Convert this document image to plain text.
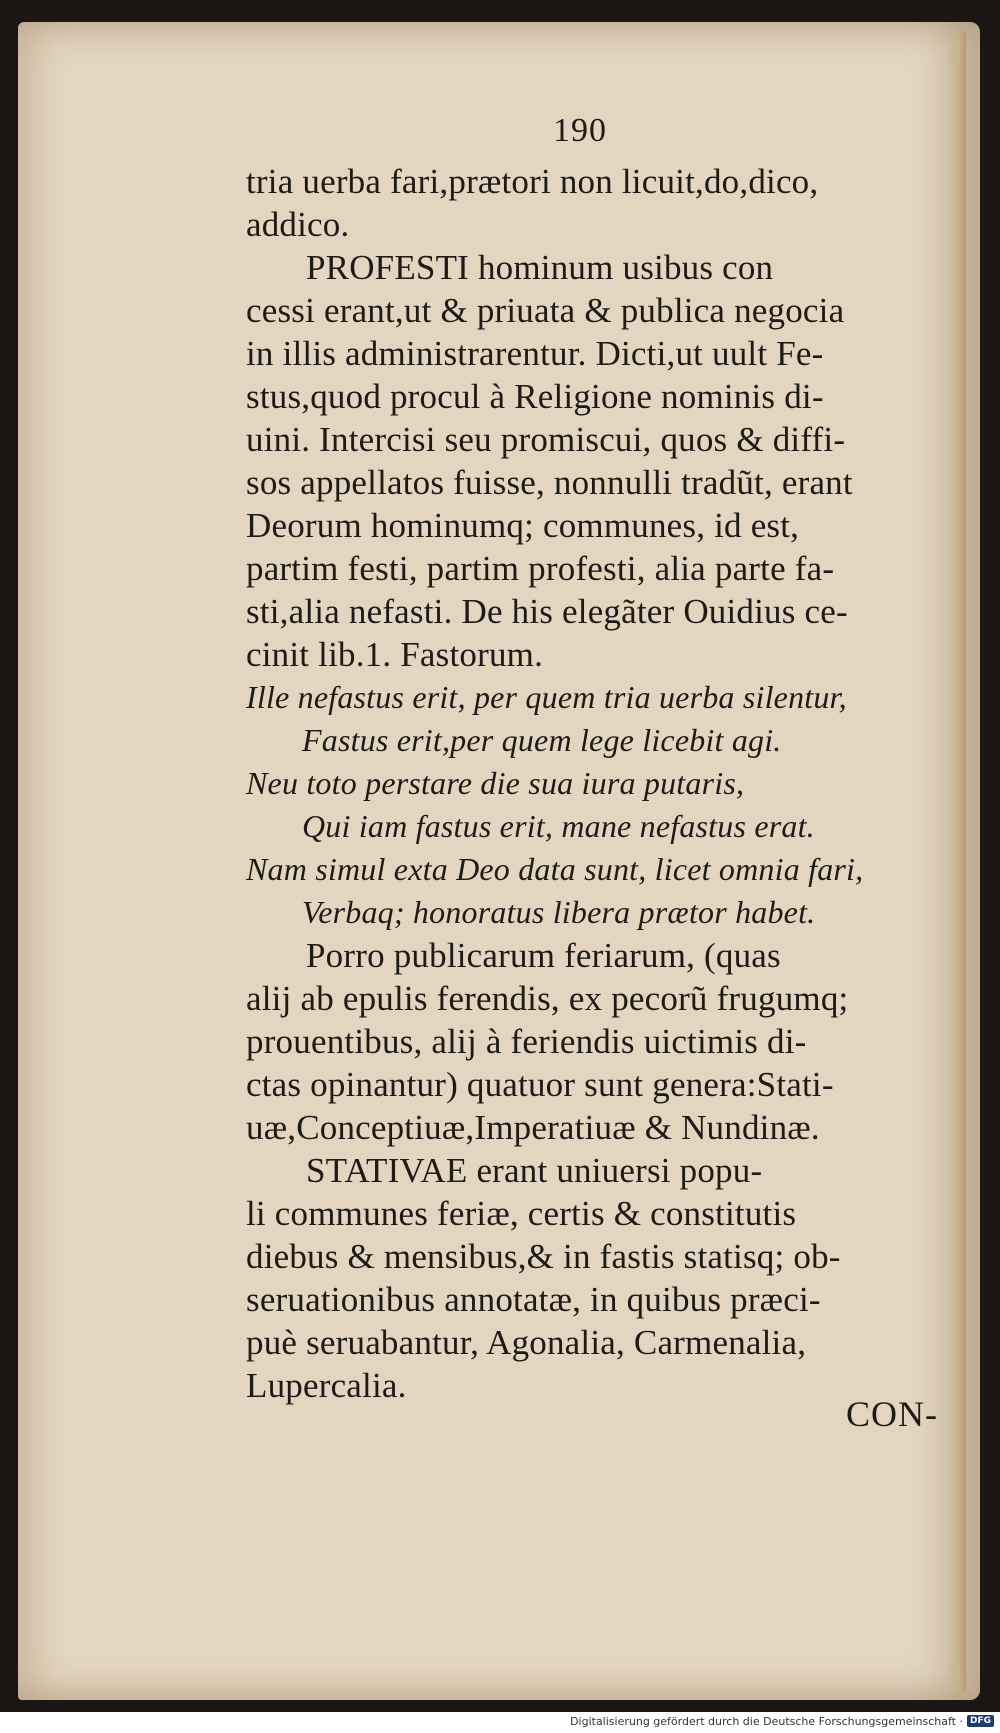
190
tria uerba fari,prætori non licuit,do,dico,
addico.
PROFESTI hominum usibus con
cessi erant,ut & priuata & publica negocia
in illis administrarentur. Dicti,ut uult Fe-
stus,quod procul à Religione nominis di-
uini. Intercisi seu promiscui, quos & diffi-
sos appellatos fuisse, nonnulli tradũt, erant
Deorum hominumq; communes, id est,
partim festi, partim profesti, alia parte fa-
sti,alia nefasti. De his elegãter Ouidius ce-
cinit lib.1. Fastorum.
Ille nefastus erit, per quem tria uerba silentur,
Fastus erit,per quem lege licebit agi.
Neu toto perstare die sua iura putaris,
Qui iam fastus erit, mane nefastus erat.
Nam simul exta Deo data sunt, licet omnia fari,
Verbaq; honoratus libera prætor habet.
Porro publicarum feriarum, (quas
alij ab epulis ferendis, ex pecorũ frugumq;
prouentibus, alij à feriendis uictimis di-
ctas opinantur) quatuor sunt genera:Stati-
uæ,Conceptiuæ,Imperatiuæ & Nundinæ.
STATIVAE erant uniuersi popu-
li communes feriæ, certis & constitutis
diebus & mensibus,& in fastis statisq; ob-
seruationibus annotatæ, in quibus præci-
puè seruabantur, Agonalia, Carmenalia,
Lupercalia.
CON-
Digitalisierung gefördert durch die Deutsche Forschungsgemeinschaft · DFG
